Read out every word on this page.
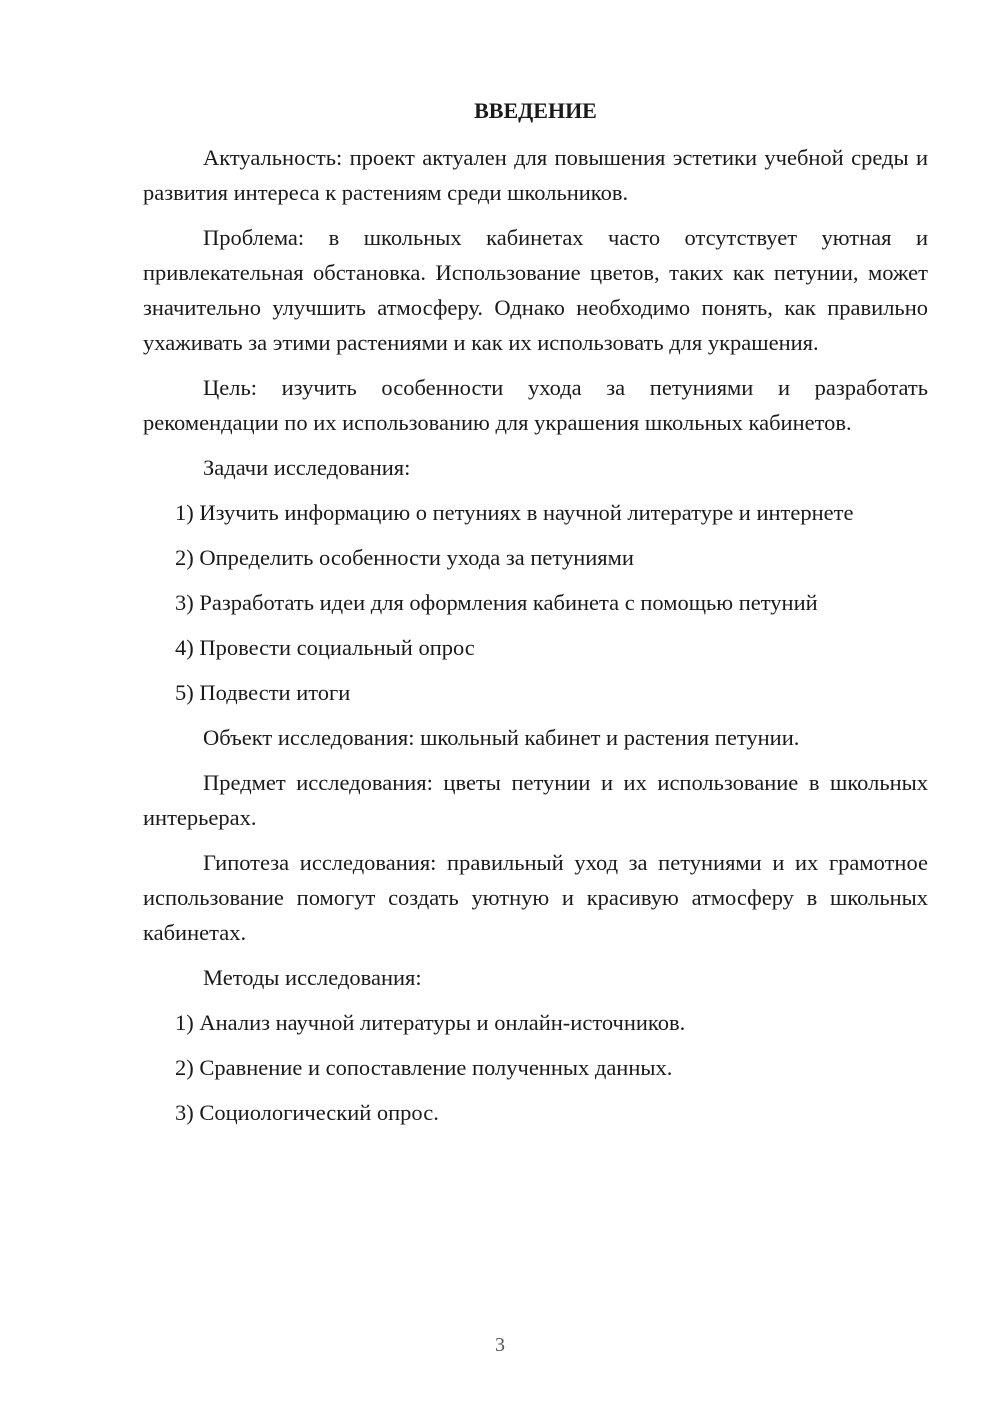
ВВЕДЕНИЕ

Актуальность: проект актуален для повышения эстетики учебной среды и развития интереса к растениям среди школьников.

Проблема: в школьных кабинетах часто отсутствует уютная и привлекательная обстановка. Использование цветов, таких как петунии, может значительно улучшить атмосферу. Однако необходимо понять, как правильно ухаживать за этими растениями и как их использовать для украшения.

Цель: изучить особенности ухода за петуниями и разработать рекомендации по их использованию для украшения школьных кабинетов.

Задачи исследования:

1) Изучить информацию о петуниях в научной литературе и интернете
2) Определить особенности ухода за петуниями
3) Разработать идеи для оформления кабинета с помощью петуний
4) Провести социальный опрос
5) Подвести итоги

Объект исследования: школьный кабинет и растения петунии.

Предмет исследования: цветы петунии и их использование в школьных интерьерах.

Гипотеза исследования: правильный уход за петуниями и их грамотное использование помогут создать уютную и красивую атмосферу в школьных кабинетах.

Методы исследования:

1) Анализ научной литературы и онлайн-источников.
2) Сравнение и сопоставление полученных данных.
3) Социологический опрос.
3
